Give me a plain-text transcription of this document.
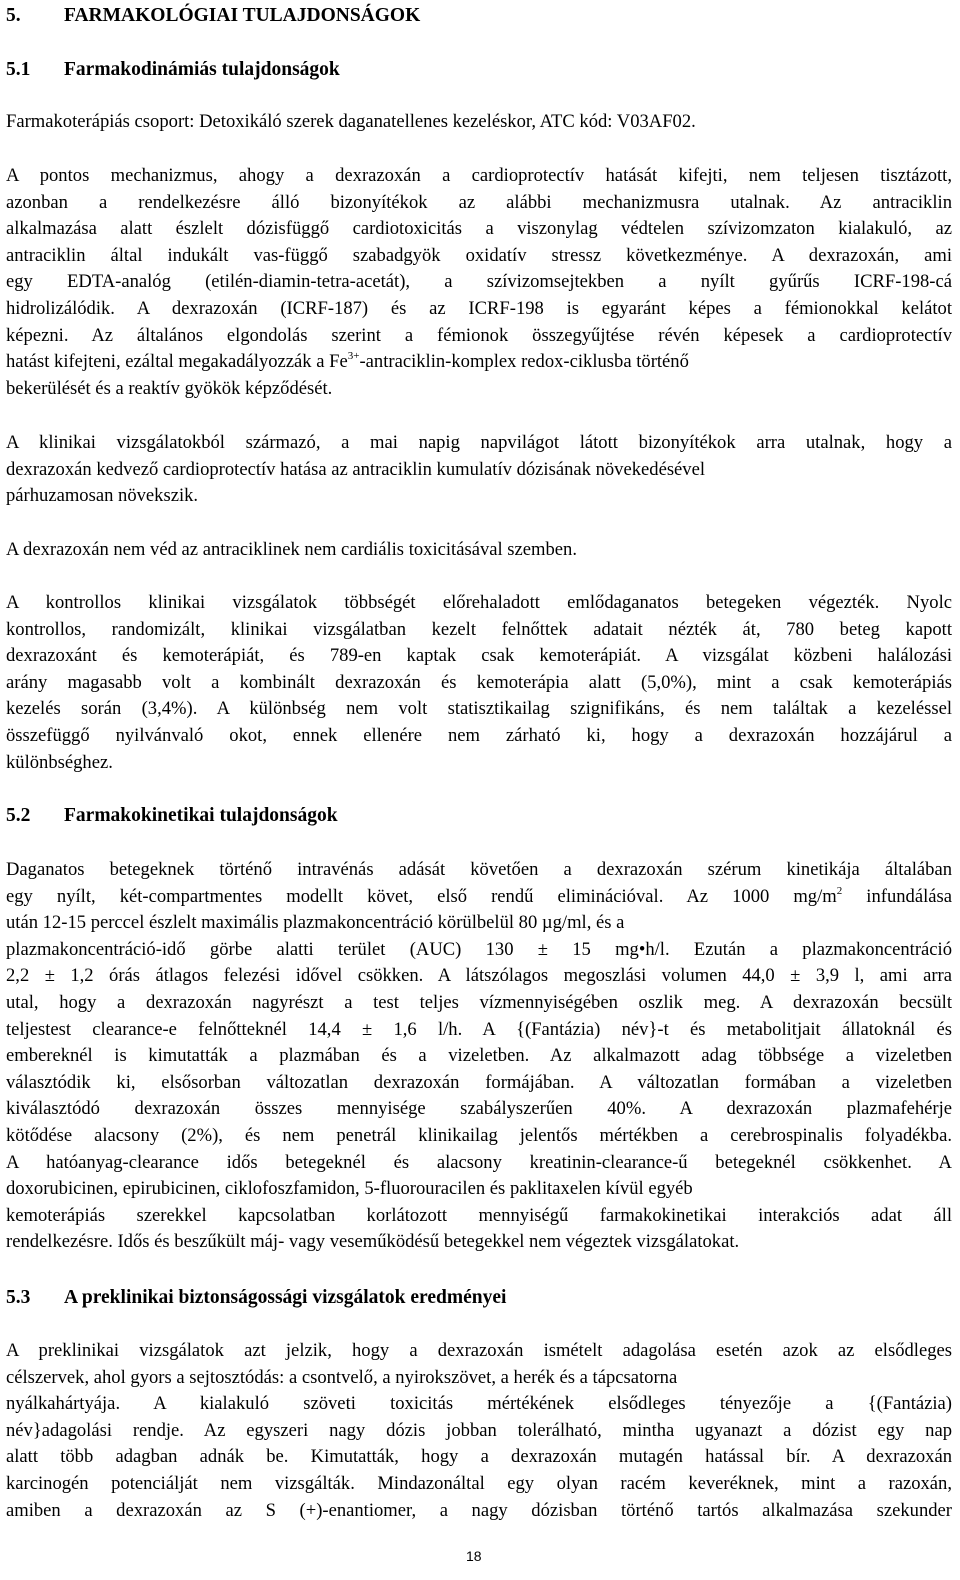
5. FARMAKOLÓGIAI TULAJDONSÁGOK
5.1 Farmakodinámiás tulajdonságok
Farmakoterápiás csoport: Detoxikáló szerek daganatellenes kezeléskor, ATC kód: V03AF02.
A pontos mechanizmus, ahogy a dexrazoxán a cardioprotectív hatását kifejti, nem teljesen tisztázott,
azonban a rendelkezésre álló bizonyítékok az alábbi mechanizmusra utalnak. Az antraciklin
alkalmazása alatt észlelt dózisfüggő cardiotoxicitás a viszonylag védtelen szívizomzaton kialakuló, az
antraciklin által indukált vas-függő szabadgyök oxidatív stressz következménye. A dexrazoxán, ami
egy EDTA-analóg (etilén-diamin-tetra-acetát), a szívizomsejtekben a nyílt gyűrűs ICRF-198-cá
hidrolizálódik. A dexrazoxán (ICRF-187) és az ICRF-198 is egyaránt képes a fémionokkal kelátot
képezni. Az általános elgondolás szerint a fémionok összegyűjtése révén képesek a cardioprotectív
hatást kifejteni, ezáltal megakadályozzák a $Fe^{3+}-antraciklin$-komplex redox-ciklusba történő
bekerülését és a reaktív gyökök képződését.
A klinikai vizsgálatokból származó, a mai napig napvilágot látott bizonyítékok arra utalnak, hogy a
dexrazoxán kedvező cardioprotectív hatása az antraciklin kumulatív dózisának növekedésével
párhuzamosan növekszik.
A dexrazoxán nem véd az antraciklinek nem cardiális toxicitásával szemben.
A kontrollos klinikai vizsgálatok többségét előrehaladott emlődaganatos betegeken végezték. Nyolc
kontrollos, randomizált, klinikai vizsgálatban kezelt felnőttek adatait nézték át, 780 beteg kapott
dexrazoxánt és kemoterápiát, és 789-en kaptak csak kemoterápiát. A vizsgálat közbeni halálozási
arány magasabb volt a kombinált dexrazoxán és kemoterápia alatt (5,0%), mint a csak kemoterápiás
kezelés során (3,4%). A különbség nem volt statisztikailag szignifikáns, és nem találtak a kezeléssel
összefüggő nyilvánvaló okot, ennek ellenére nem zárható ki, hogy a dexrazoxán hozzájárul a
különbséghez.
5.2 Farmakokinetikai tulajdonságok
Daganatos betegeknek történő intravénás adását követően a dexrazoxán szérum kinetikája általában
egy nyílt, két-compartmentes modellt követ, első rendű eliminációval. Az 1000 $mg/m^2$ infundálása
után 12-15 perccel észlelt maximális plazmakoncentráció körülbelül 80 µg/ml, és a
plazmakoncentráció-idő görbe alatti terület (AUC) 130 ± 15 mg•h/l. Ezután a plazmakoncentráció
2,2 ± 1,2 órás átlagos felezési idővel csökken. A látszólagos megoszlási volumen 44,0 ± 3,9 l, ami arra
utal, hogy a dexrazoxán nagyrészt a test teljes vízmennyiségében oszlik meg. A dexrazoxán becsült
teljestest clearance-e felnőtteknél 14,4 ± 1,6 l/h. A {(Fantázia) név}-t és metabolitjait állatoknál és
embereknél is kimutatták a plazmában és a vizeletben. Az alkalmazott adag többsége a vizeletben
választódik ki, elsősorban változatlan dexrazoxán formájában. A változatlan formában a vizeletben
kiválasztódó dexrazoxán összes mennyisége szabályszerűen 40%. A dexrazoxán plazmafehérje
kötődése alacsony (2%), és nem penetrál klinikailag jelentős mértékben a cerebrospinalis folyadékba.
A hatóanyag-clearance idős betegeknél és alacsony kreatinin-clearance-ű betegeknél csökkenhet. A
doxorubicinen, epirubicinen, ciklofoszfamidon, 5-fluorouracilen és paklitaxelen kívül egyéb
kemoterápiás szerekkel kapcsolatban korlátozott mennyiségű farmakokinetikai interakciós adat áll
rendelkezésre. Idős és beszűkült máj- vagy veseműködésű betegekkel nem végeztek vizsgálatokat.
5.3 A preklinikai biztonságossági vizsgálatok eredményei
A preklinikai vizsgálatok azt jelzik, hogy a dexrazoxán ismételt adagolása esetén azok az elsődleges
célszervek, ahol gyors a sejtosztódás: a csontvelő, a nyirokszövet, a herék és a tápcsatorna
nyálkahártyája. A kialakuló szöveti toxicitás mértékének elsődleges tényezője a {(Fantázia)
név}adagolási rendje. Az egyszeri nagy dózis jobban tolerálható, mintha ugyanazt a dózist egy nap
alatt több adagban adnák be. Kimutatták, hogy a dexrazoxán mutagén hatással bír. A dexrazoxán
karcinogén potenciálját nem vizsgálták. Mindazonáltal egy olyan racém keveréknek, mint a razoxán,
amiben a dexrazoxán az S (+)-enantiomer, a nagy dózisban történő tartós alkalmazása szekunder
18
